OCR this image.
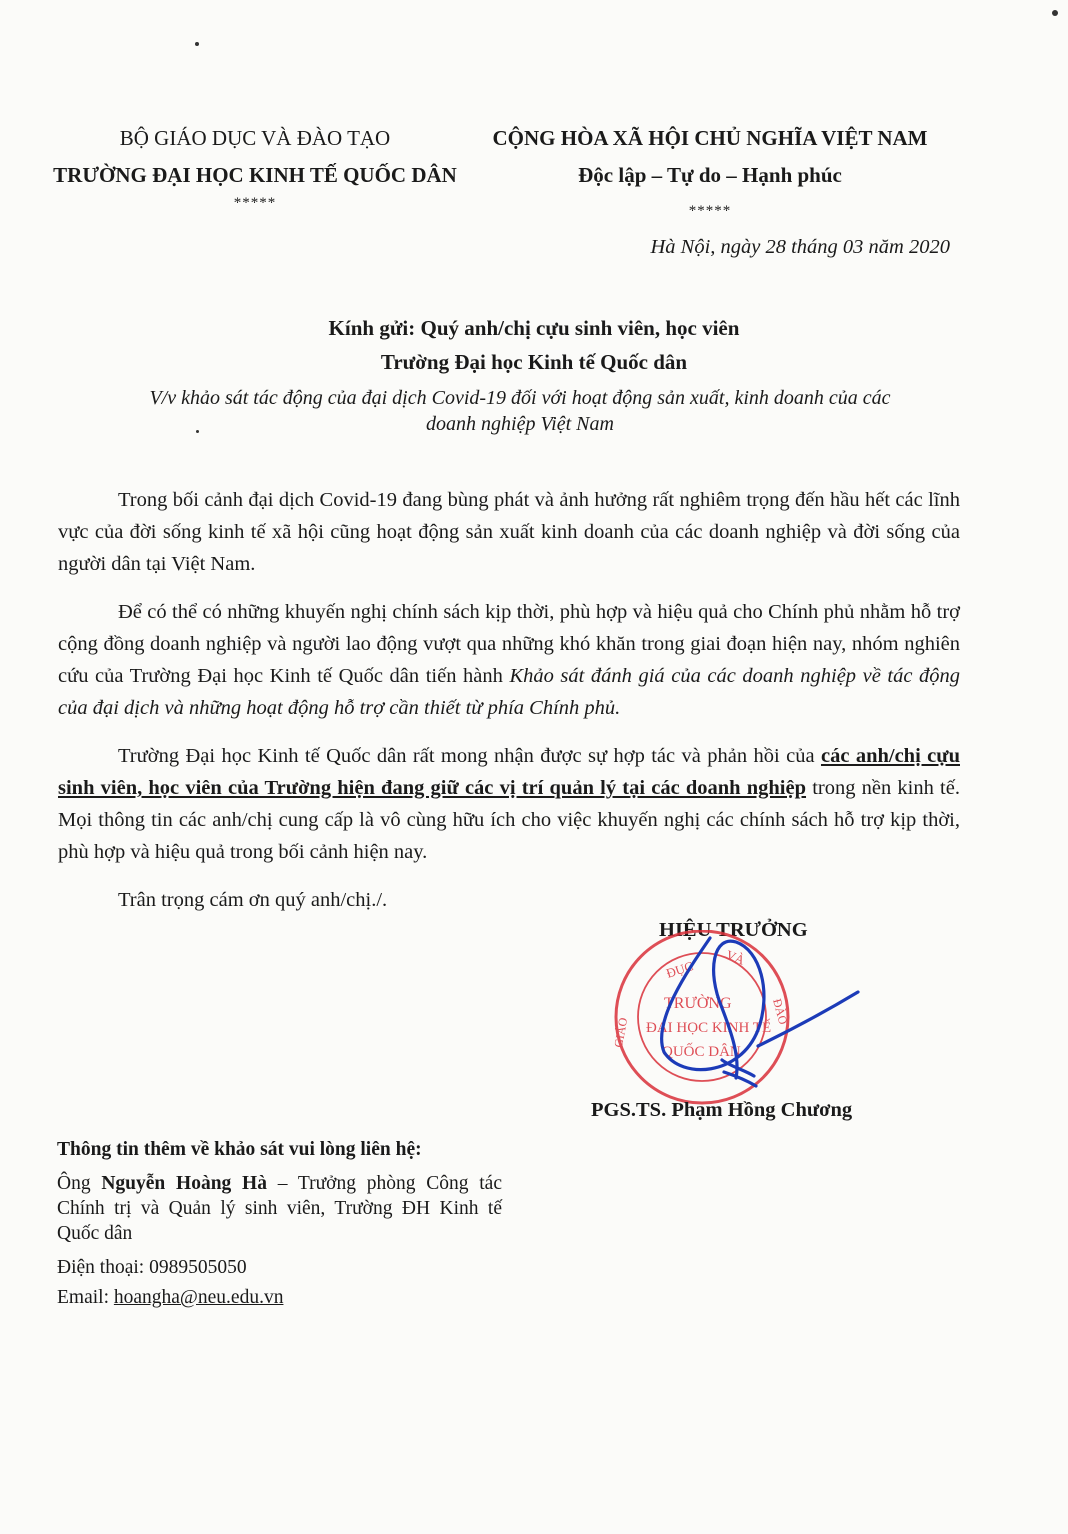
BỘ GIÁO DỤC VÀ ĐÀO TẠO
TRƯỜNG ĐẠI HỌC KINH TẾ QUỐC DÂN
*****
CỘNG HÒA XÃ HỘI CHỦ NGHĨA VIỆT NAM
Độc lập – Tự do – Hạnh phúc
*****
Hà Nội, ngày 28 tháng 03 năm 2020
Kính gửi: Quý anh/chị cựu sinh viên, học viên
Trường Đại học Kinh tế Quốc dân
V/v khảo sát tác động của đại dịch Covid-19 đối với hoạt động sản xuất, kinh doanh của các
doanh nghiệp Việt Nam

Trong bối cảnh đại dịch Covid-19 đang bùng phát và ảnh hưởng rất nghiêm trọng đến hầu hết các lĩnh vực của đời sống kinh tế xã hội cũng hoạt động sản xuất kinh doanh của các doanh nghiệp và đời sống của người dân tại Việt Nam.

Để có thể có những khuyến nghị chính sách kịp thời, phù hợp và hiệu quả cho Chính phủ nhằm hỗ trợ cộng đồng doanh nghiệp và người lao động vượt qua những khó khăn trong giai đoạn hiện nay, nhóm nghiên cứu của Trường Đại học Kinh tế Quốc dân tiến hành Khảo sát đánh giá của các doanh nghiệp về tác động của đại dịch và những hoạt động hỗ trợ cần thiết từ phía Chính phủ.

Trường Đại học Kinh tế Quốc dân rất mong nhận được sự hợp tác và phản hồi của các anh/chị cựu sinh viên, học viên của Trường hiện đang giữ các vị trí quản lý tại các doanh nghiệp trong nền kinh tế. Mọi thông tin các anh/chị cung cấp là vô cùng hữu ích cho việc khuyến nghị các chính sách hỗ trợ kịp thời, phù hợp và hiệu quả trong bối cảnh hiện nay.

Trân trọng cám ơn quý anh/chị./.

HIỆU TRƯỞNG
ĐỤC
VÀ
ĐÀO
GIÁO
TRƯỜNG
ĐẠI HỌC KINH TẾ
QUỐC DÂN
PGS.TS. Phạm Hồng Chương
Thông tin thêm về khảo sát vui lòng liên hệ:
Ông Nguyễn Hoàng Hà – Trưởng phòng Công tác Chính trị và Quản lý sinh viên, Trường ĐH Kinh tế Quốc dân
Điện thoại: 0989505050
Email: hoangha@neu.edu.vn
